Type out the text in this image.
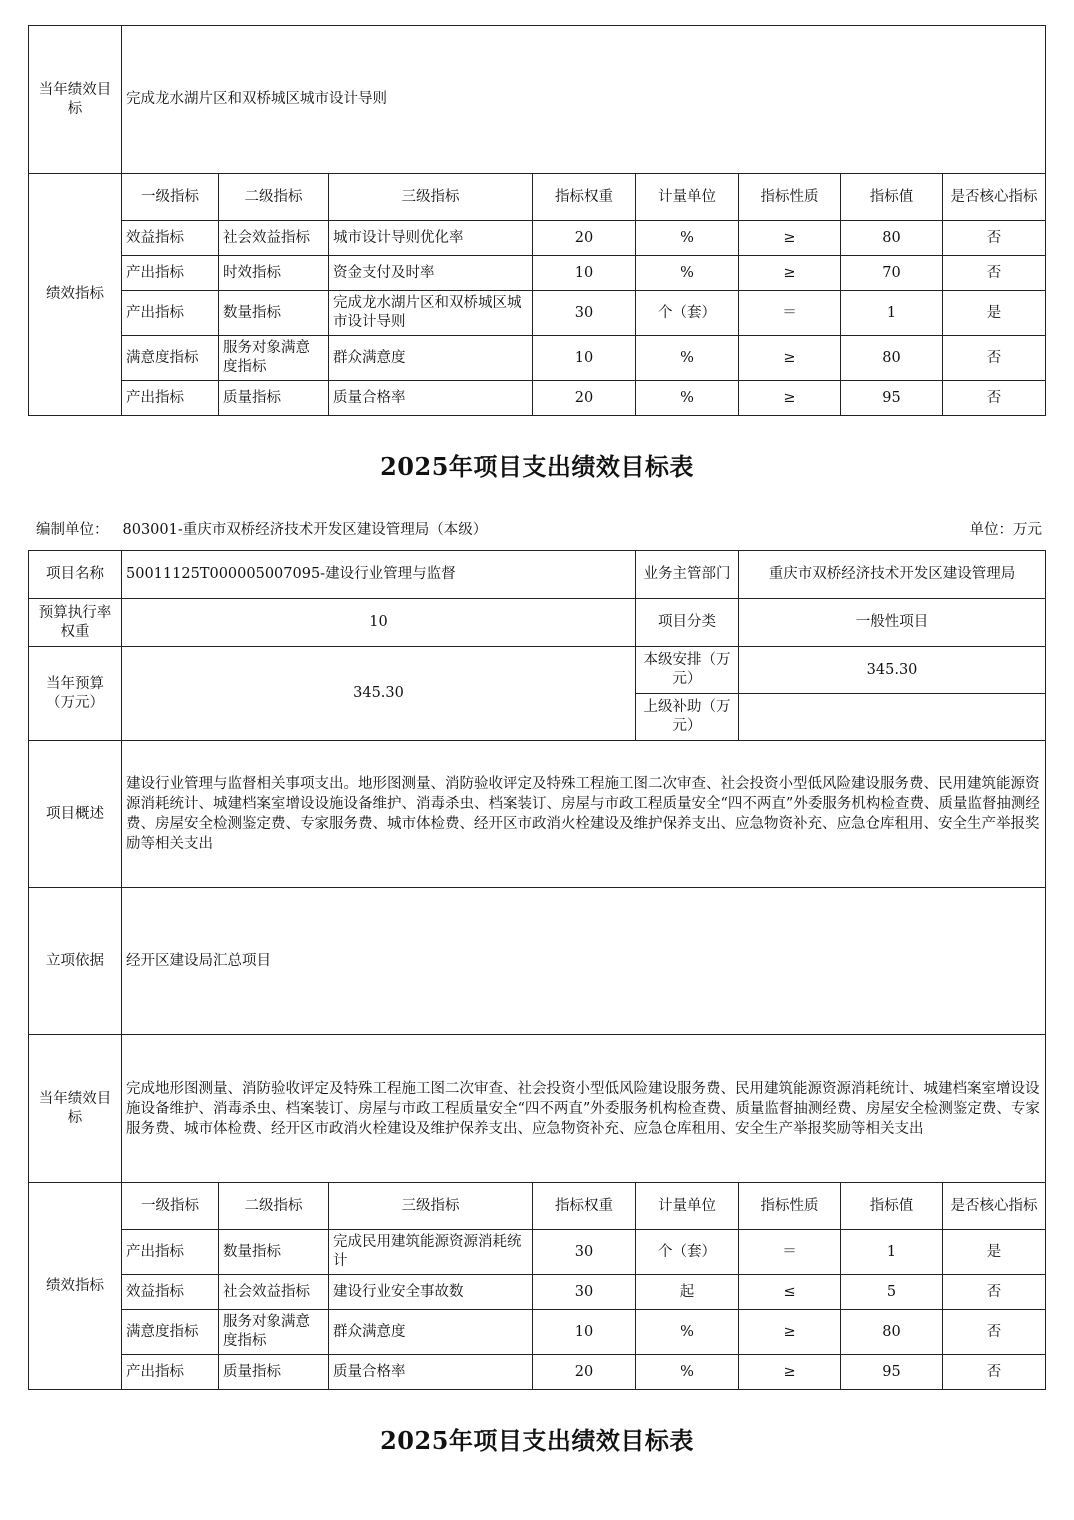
当年绩效目标	完成龙水湖片区和双桥城区城市设计导则							
绩效指标	一级指标	二级指标	三级指标	指标权重	计量单位	指标性质	指标值	是否核心指标
	效益指标	社会效益指标	城市设计导则优化率	20	%	≥	80	否
	产出指标	时效指标	资金支付及时率	10	%	≥	70	否
	产出指标	数量指标	完成龙水湖片区和双桥城区城市设计导则	30	个（套）	＝	1	是
	满意度指标	服务对象满意度指标	群众满意度	10	%	≥	80	否
	产出指标	质量指标	质量合格率	20	%	≥	95	否
2025年项目支出绩效目标表
编制单位： 803001-重庆市双桥经济技术开发区建设管理局（本级）	单位：万元
项目名称	50011125T000005007095-建设行业管理与监督				业务主管部门	重庆市双桥经济技术开发区建设管理局		
预算执行率权重	10				项目分类	一般性项目		
当年预算（万元）	345.30				本级安排（万元）	345.30		
					上级补助（万元）			
项目概述	建设行业管理与监督相关事项支出。地形图测量、消防验收评定及特殊工程施工图二次审查、社会投资小型低风险建设服务费、民用建筑能源资源消耗统计、城建档案室增设设施设备维护、消毒杀虫、档案装订、房屋与市政工程质量安全“四不两直”外委服务机构检查费、质量监督抽测经费、房屋安全检测鉴定费、专家服务费、城市体检费、经开区市政消火栓建设及维护保养支出、应急物资补充、应急仓库租用、安全生产举报奖励等相关支出							
立项依据	经开区建设局汇总项目							
当年绩效目标	完成地形图测量、消防验收评定及特殊工程施工图二次审查、社会投资小型低风险建设服务费、民用建筑能源资源消耗统计、城建档案室增设设施设备维护、消毒杀虫、档案装订、房屋与市政工程质量安全“四不两直”外委服务机构检查费、质量监督抽测经费、房屋安全检测鉴定费、专家服务费、城市体检费、经开区市政消火栓建设及维护保养支出、应急物资补充、应急仓库租用、安全生产举报奖励等相关支出							
绩效指标	一级指标	二级指标	三级指标	指标权重	计量单位	指标性质	指标值	是否核心指标
	产出指标	数量指标	完成民用建筑能源资源消耗统计	30	个（套）	＝	1	是
	效益指标	社会效益指标	建设行业安全事故数	30	起	≤	5	否
	满意度指标	服务对象满意度指标	群众满意度	10	%	≥	80	否
	产出指标	质量指标	质量合格率	20	%	≥	95	否
2025年项目支出绩效目标表
